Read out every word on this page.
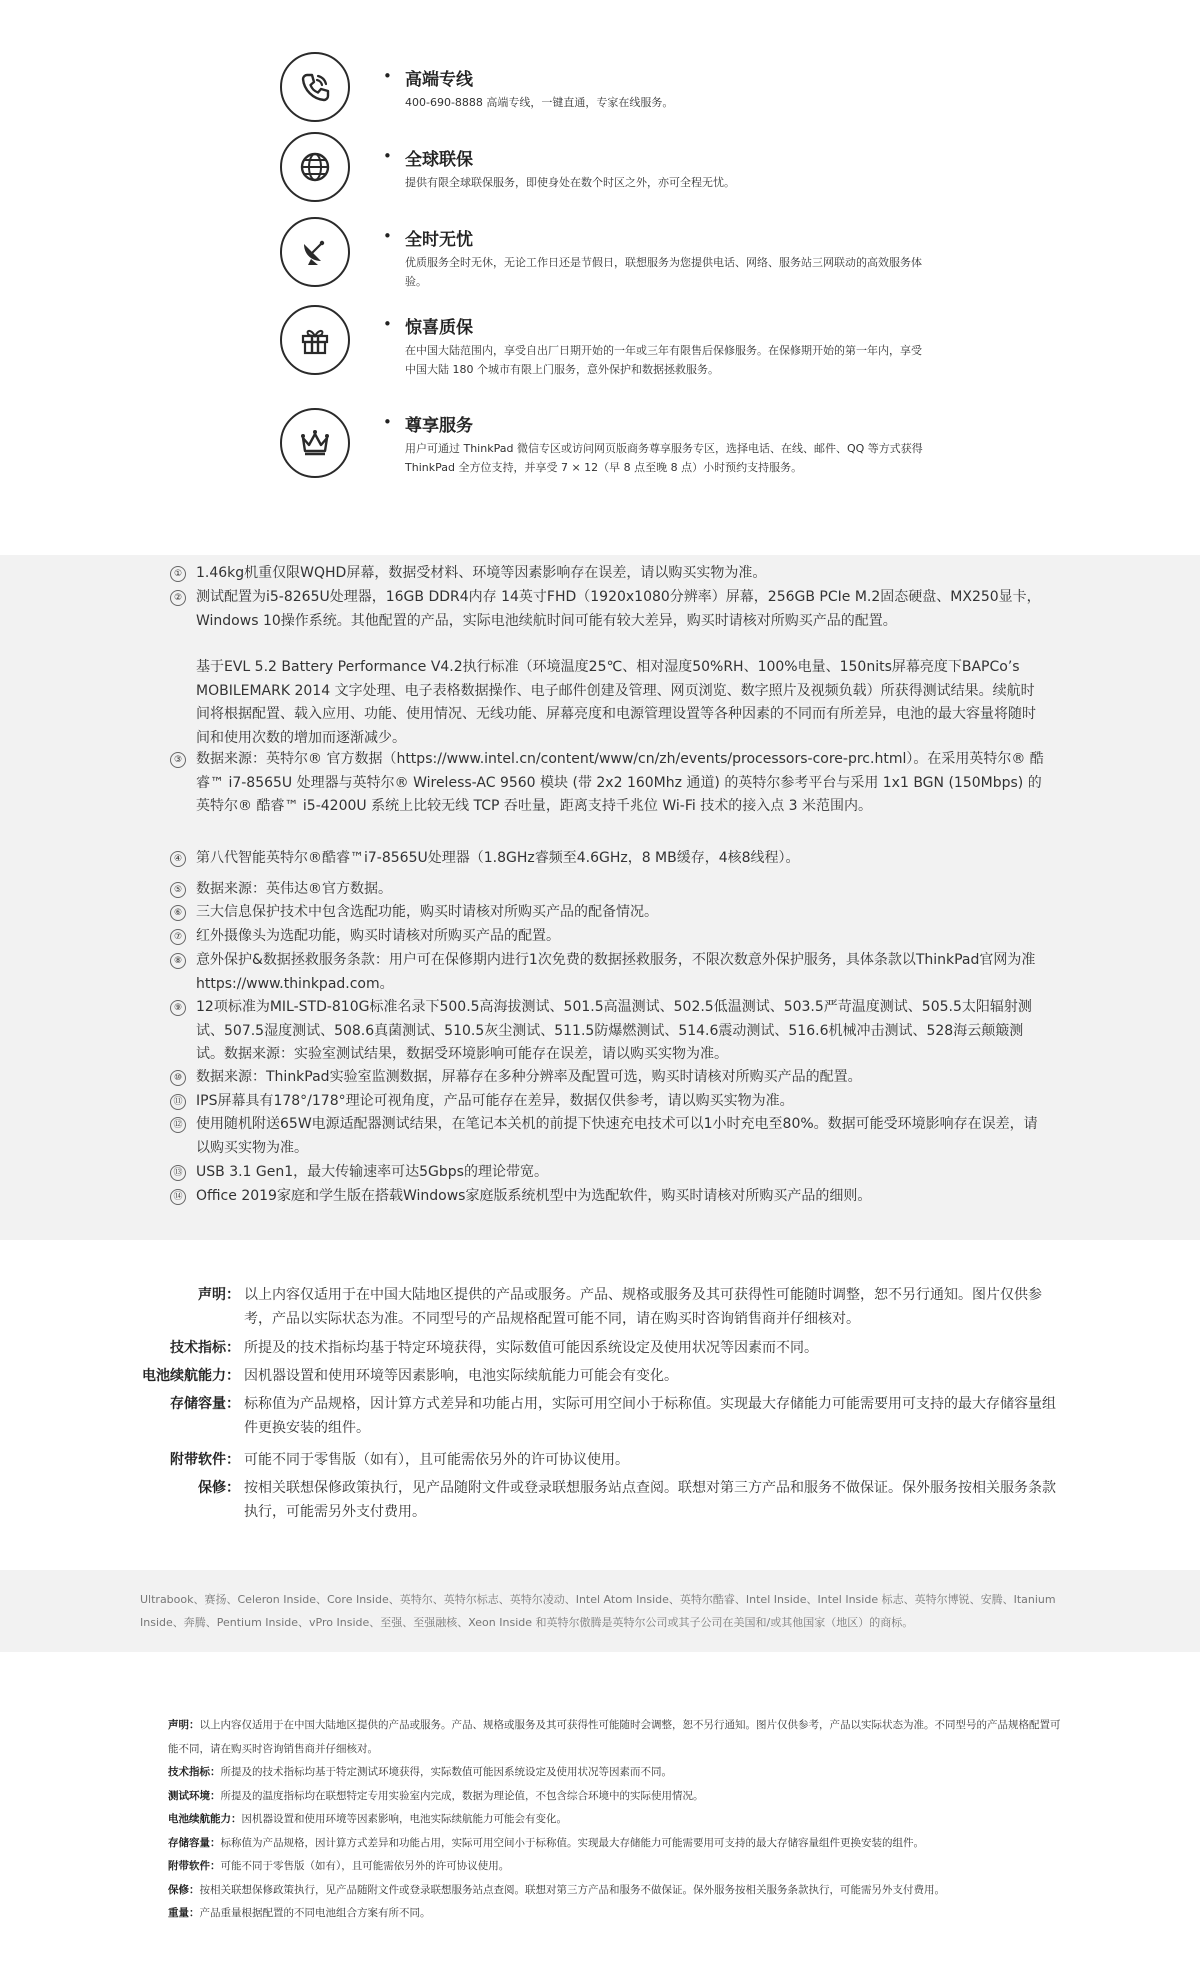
• 高端专线
400-690-8888 高端专线，一键直通，专家在线服务。
• 全球联保
提供有限全球联保服务，即使身处在数个时区之外，亦可全程无忧。
• 全时无忧
优质服务全时无休，无论工作日还是节假日，联想服务为您提供电话、网络、服务站三网联动的高效服务体验。
• 惊喜质保
在中国大陆范围内，享受自出厂日期开始的一年或三年有限售后保修服务。在保修期开始的第一年内，享受中国大陆 180 个城市有限上门服务，意外保护和数据拯救服务。
• 尊享服务
用户可通过 ThinkPad 微信专区或访问网页版商务尊享服务专区，选择电话、在线、邮件、QQ 等方式获得 ThinkPad 全方位支持，并享受 7 × 12（早 8 点至晚 8 点）小时预约支持服务。
① 1.46kg机重仅限WQHD屏幕，数据受材料、环境等因素影响存在误差，请以购买实物为准。
② 测试配置为i5-8265U处理器，16GB DDR4内存 14英寸FHD（1920x1080分辨率）屏幕，256GB PCIe M.2固态硬盘、MX250显卡，Windows 10操作系统。其他配置的产品，实际电池续航时间可能有较大差异，购买时请核对所购买产品的配置。
基于EVL 5.2 Battery Performance V4.2执行标准（环境温度25℃、相对湿度50%RH、100%电量、150nits屏幕亮度下BAPCo’s MOBILEMARK 2014 文字处理、电子表格数据操作、电子邮件创建及管理、网页浏览、数字照片及视频负载）所获得测试结果。续航时间将根据配置、载入应用、功能、使用情况、无线功能、屏幕亮度和电源管理设置等各种因素的不同而有所差异，电池的最大容量将随时间和使用次数的增加而逐渐减少。
③ 数据来源：英特尔® 官方数据（https://www.intel.cn/content/www/cn/zh/events/processors-core-prc.html）。在采用英特尔® 酷睿™ i7-8565U 处理器与英特尔® Wireless-AC 9560 模块 (带 2x2 160Mhz 通道) 的英特尔参考平台与采用 1x1 BGN (150Mbps) 的英特尔® 酷睿™ i5-4200U 系统上比较无线 TCP 吞吐量，距离支持千兆位 Wi-Fi 技术的接入点 3 米范围内。
④ 第八代智能英特尔®酷睿™i7-8565U处理器（1.8GHz睿频至4.6GHz，8 MB缓存，4核8线程）。
⑤ 数据来源：英伟达®官方数据。
⑥ 三大信息保护技术中包含选配功能，购买时请核对所购买产品的配备情况。
⑦ 红外摄像头为选配功能，购买时请核对所购买产品的配置。
⑧ 意外保护&数据拯救服务条款：用户可在保修期内进行1次免费的数据拯救服务，不限次数意外保护服务，具体条款以ThinkPad官网为准https://www.thinkpad.com。
⑨ 12项标准为MIL-STD-810G标准名录下500.5高海拔测试、501.5高温测试、502.5低温测试、503.5严苛温度测试、505.5太阳辐射测试、507.5湿度测试、508.6真菌测试、510.5灰尘测试、511.5防爆燃测试、514.6震动测试、516.6机械冲击测试、528海云颠簸测试。数据来源：实验室测试结果，数据受环境影响可能存在误差，请以购买实物为准。
⑩ 数据来源：ThinkPad实验室监测数据，屏幕存在多种分辨率及配置可选，购买时请核对所购买产品的配置。
⑪ IPS屏幕具有178°/178°理论可视角度，产品可能存在差异，数据仅供参考，请以购买实物为准。
⑫ 使用随机附送65W电源适配器测试结果，在笔记本关机的前提下快速充电技术可以1小时充电至80%。数据可能受环境影响存在误差，请以购买实物为准。
⑬ USB 3.1 Gen1，最大传输速率可达5Gbps的理论带宽。
⑭ Office 2019家庭和学生版在搭载Windows家庭版系统机型中为选配软件，购买时请核对所购买产品的细则。
声明： 以上内容仅适用于在中国大陆地区提供的产品或服务。产品、规格或服务及其可获得性可能随时调整，恕不另行通知。图片仅供参考，产品以实际状态为准。不同型号的产品规格配置可能不同，请在购买时咨询销售商并仔细核对。
技术指标： 所提及的技术指标均基于特定环境获得，实际数值可能因系统设定及使用状况等因素而不同。
电池续航能力： 因机器设置和使用环境等因素影响，电池实际续航能力可能会有变化。
存储容量： 标称值为产品规格，因计算方式差异和功能占用，实际可用空间小于标称值。实现最大存储能力可能需要用可支持的最大存储容量组件更换安装的组件。
附带软件： 可能不同于零售版（如有），且可能需依另外的许可协议使用。
保修： 按相关联想保修政策执行，见产品随附文件或登录联想服务站点查阅。联想对第三方产品和服务不做保证。保外服务按相关服务条款执行，可能需另外支付费用。
Ultrabook、赛扬、Celeron Inside、Core Inside、英特尔、英特尔标志、英特尔凌动、Intel Atom Inside、英特尔酷睿、Intel Inside、Intel Inside 标志、英特尔博锐、安腾、Itanium Inside、奔腾、Pentium Inside、vPro Inside、至强、至强融核、Xeon Inside 和英特尔傲腾是英特尔公司或其子公司在美国和/或其他国家（地区）的商标。
声明：以上内容仅适用于在中国大陆地区提供的产品或服务。产品、规格或服务及其可获得性可能随时会调整，恕不另行通知。图片仅供参考，产品以实际状态为准。不同型号的产品规格配置可能不同，请在购买时咨询销售商并仔细核对。
技术指标：所提及的技术指标均基于特定测试环境获得，实际数值可能因系统设定及使用状况等因素而不同。
测试环境：所提及的温度指标均在联想特定专用实验室内完成，数据为理论值，不包含综合环境中的实际使用情况。
电池续航能力：因机器设置和使用环境等因素影响，电池实际续航能力可能会有变化。
存储容量：标称值为产品规格，因计算方式差异和功能占用，实际可用空间小于标称值。实现最大存储能力可能需要用可支持的最大存储容量组件更换安装的组件。
附带软件：可能不同于零售版（如有），且可能需依另外的许可协议使用。
保修：按相关联想保修政策执行，见产品随附文件或登录联想服务站点查阅。联想对第三方产品和服务不做保证。保外服务按相关服务条款执行，可能需另外支付费用。
重量：产品重量根据配置的不同电池组合方案有所不同。
